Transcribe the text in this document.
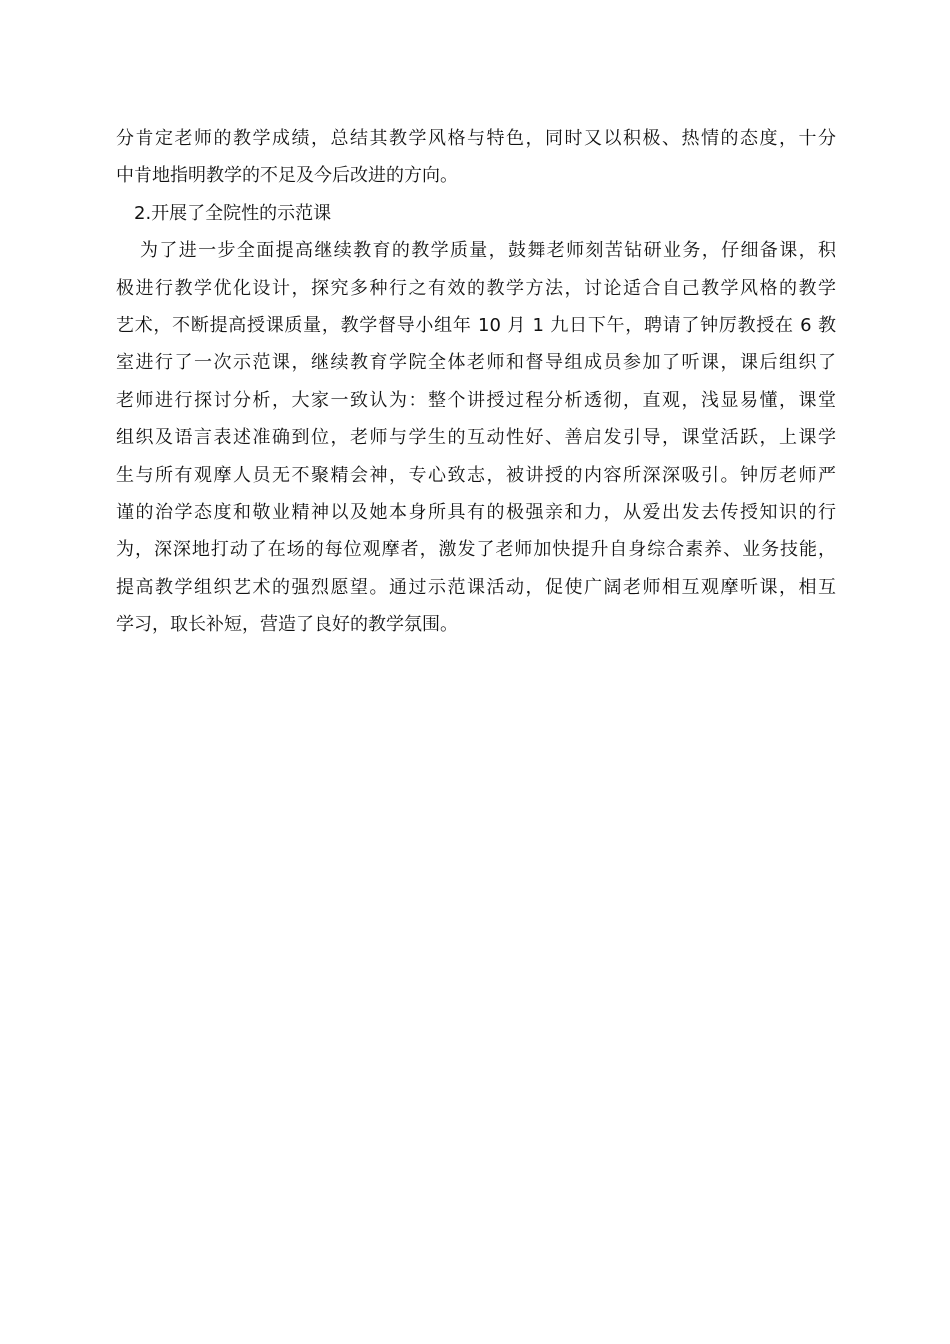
分肯定老师的教学成绩，总结其教学风格与特色，同时又以积极、热情的态度，十分
中肯地指明教学的不足及今后改进的方向。
2.开展了全院性的示范课
为了进一步全面提高继续教育的教学质量，鼓舞老师刻苦钻研业务，仔细备课，积
极进行教学优化设计，探究多种行之有效的教学方法，讨论适合自己教学风格的教学
艺术，不断提高授课质量，教学督导小组年 10 月 1 九日下午，聘请了钟厉教授在 6 教
室进行了一次示范课，继续教育学院全体老师和督导组成员参加了听课，课后组织了
老师进行探讨分析，大家一致认为：整个讲授过程分析透彻，直观，浅显易懂，课堂
组织及语言表述准确到位，老师与学生的互动性好、善启发引导，课堂活跃，上课学
生与所有观摩人员无不聚精会神，专心致志，被讲授的内容所深深吸引。钟厉老师严
谨的治学态度和敬业精神以及她本身所具有的极强亲和力，从爱出发去传授知识的行
为，深深地打动了在场的每位观摩者，激发了老师加快提升自身综合素养、业务技能，
提高教学组织艺术的强烈愿望。通过示范课活动，促使广阔老师相互观摩听课，相互
学习，取长补短，营造了良好的教学氛围。
